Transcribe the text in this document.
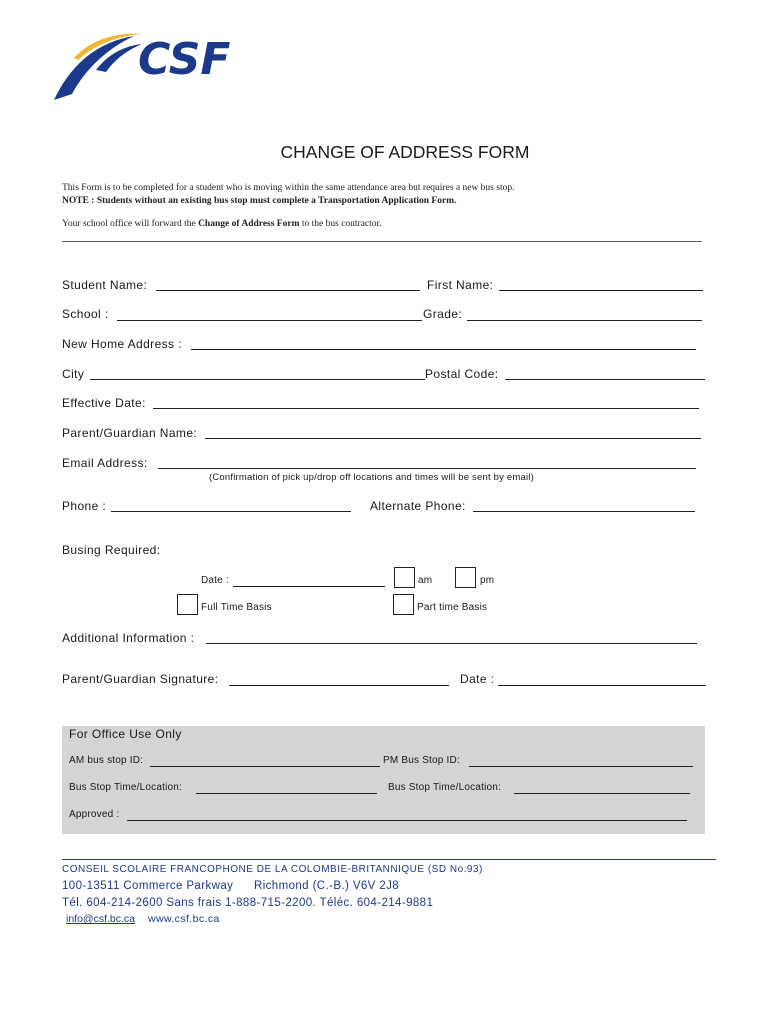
CSF
CHANGE OF ADDRESS FORM
This Form is to be completed for a student who is moving within the same attendance area but requires a new bus stop.
NOTE : Students without an existing bus stop must complete a Transportation Application Form.
Your school office will forward the Change of Address Form to the bus contractor.
Student Name:	First Name:
School :	Grade:
New Home Address :
City	Postal Code:
Effective Date:
Parent/Guardian Name:
Email Address:
(Confirmation of pick up/drop off locations and times will be sent by email)
Phone :	Alternate Phone:
Busing Required:
Date :	am	pm
Full Time Basis	Part time Basis
Additional Information :
Parent/Guardian Signature:	Date :
For Office Use Only
AM bus stop ID:	PM Bus Stop ID:
Bus Stop Time/Location:	Bus Stop Time/Location:
Approved :
CONSEIL SCOLAIRE FRANCOPHONE DE LA COLOMBIE-BRITANNIQUE (SD No.93)
100-13511 Commerce Parkway Richmond (C.-B.) V6V 2J8
Tél. 604-214-2600 Sans frais 1-888-715-2200. Téléc. 604-214-9881
info@csf.bc.ca www.csf.bc.ca
